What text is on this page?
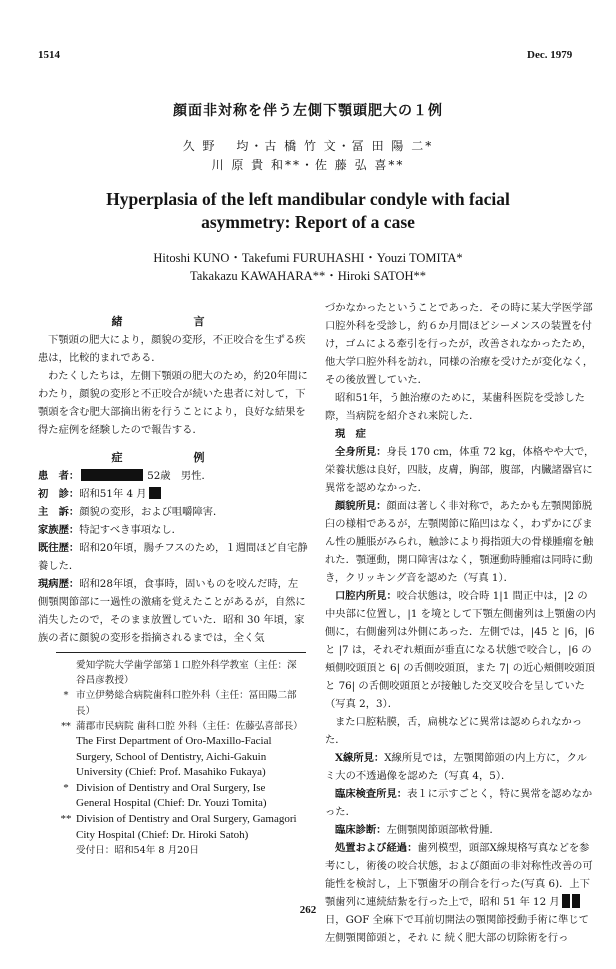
1514	Dec. 1979
顔面非対称を伴う左側下顎頭肥大の１例
久 野　 均・古 橋 竹 文・冨 田 陽 二*
川 原 貴 和**・佐 藤 弘 喜**
Hyperplasia of the left mandibular condyle with facial
asymmetry: Report of a case
Hitoshi KUNO・Takefumi FURUHASHI・Youzi TOMITA*
Takakazu KAWAHARA**・Hiroki SATOH**

緒　言

下顎頭の肥大により，顔貌の変形，不正咬合を生ずる疾患は，比較的まれである．

わたくしたちは，左側下顎頭の肥大のため，約20年間にわたり，顔貌の変形と不正咬合が続いた患者に対して，下顎頭を含む肥大部摘出術を行うことにより，良好な結果を得た症例を経験したので報告する．

症　例

患　者：	52歳　男性．

初　診：昭和51年 4 月

主　訴：顔貌の変形，および咀嚼障害．

家族歴：特記すべき事項なし．

既往歴：昭和20年頃，腸チフスのため，１週間ほど自宅静養した．

現病歴：昭和28年頃，食事時，固いものを咬んだ時，左側顎関節部に一過性の激痛を覚えたことがあるが，自然に消失したので，そのまま放置していた．昭和 30 年頃，家族の者に顔貌の変形を指摘されるまでは，全く気

愛知学院大学歯学部第１口腔外科学教室（主任：深谷昌彦教授）
* 市立伊勢総合病院歯科口腔外科（主任：冨田陽二部長）
** 蒲郡市民病院 歯科口腔 外科（主任：佐藤弘喜部長）
The First Department of Oro-Maxillo-Facial Surgery, School of Dentistry, Aichi-Gakuin University (Chief: Prof. Masahiko Fukaya)
* Division of Dentistry and Oral Surgery, Ise General Hospital (Chief: Dr. Youzi Tomita)
** Division of Dentistry and Oral Surgery, Gamagori City Hospital (Chief: Dr. Hiroki Satoh)
受付日：昭和54年 8 月20日

づかなかったということであった．その時に某大学医学部口腔外科を受診し，約６か月間ほどシーメンスの装置を付け，ゴムによる牽引を行ったが，改善されなかったため，他大学口腔外科を訪れ，同様の治療を受けたが変化なく，その後放置していた．

昭和51年，う蝕治療のために，某歯科医院を受診した際，当病院を紹介され来院した．

現　症

全身所見：身長 170 cm，体重 72 kg，体格やや大で，栄養状態は良好，四肢，皮膚，胸部，腹部，内臓諸器官に異常を認めなかった．

顔貌所見：顔面は著しく非対称で，あたかも左顎関節脱臼の様相であるが，左顎関節に陥凹はなく，わずかにびまん性の腫脹がみられ，触診により拇指頭大の骨様腫瘤を触れた．顎運動，開口障害はなく，顎運動時腫瘤は同時に動き，クリッキング音を認めた（写真 1）．

口腔内所見：咬合状態は，咬合時 1|1 間正中は，|2 の中央部に位置し，|1 を境として下顎左側歯列は上顎歯の内側に，右側歯列は外側にあった．左側では，|45 と |6，|6 と |7 は，それぞれ頬面が垂直になる状態で咬合し，|6 の頬側咬頭頂と 6| の舌側咬頭頂，また 7| の近心頬側咬頭頂と 76| の舌側咬頭頂とが接触した交叉咬合を呈していた（写真 2，3）．

また口腔粘膜，舌，扁桃などに異常は認められなかった．

X線所見：X線所見では，左顎関節頭の内上方に，クルミ大の不透過像を認めた（写真 4，5）．

臨床検査所見：表１に示すごとく，特に異常を認めなかった．

臨床診断：左側顎関節頭部軟骨腫．

処置および経過：歯列模型，頭部X線規格写真などを参考にし，術後の咬合状態，および顔面の非対称性改善の可能性を検討し，上下顎歯牙の削合を行った(写真 6)．上下顎歯列に連続結紮を行った上で，昭和 51 年 12 月日，GOF 全麻下で耳前切開法の顎関節授動手術に準じて左側顎関節頭と，それ に 続く肥大部の切除術を行っ

262
